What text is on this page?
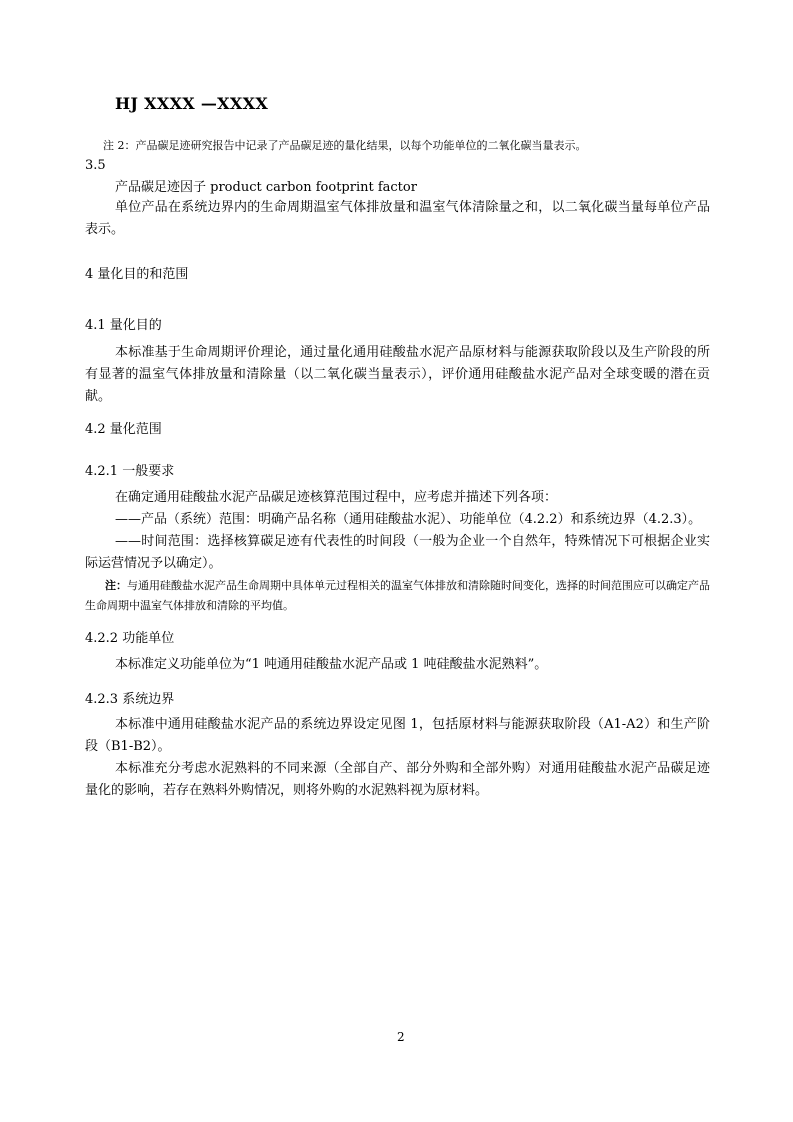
HJ XXXX —XXXX
注 2：产品碳足迹研究报告中记录了产品碳足迹的量化结果，以每个功能单位的二氧化碳当量表示。
3.5
产品碳足迹因子 product carbon footprint factor
单位产品在系统边界内的生命周期温室气体排放量和温室气体清除量之和，以二氧化碳当量每单位产品表示。
4 量化目的和范围
4.1 量化目的
本标准基于生命周期评价理论，通过量化通用硅酸盐水泥产品原材料与能源获取阶段以及生产阶段的所有显著的温室气体排放量和清除量（以二氧化碳当量表示），评价通用硅酸盐水泥产品对全球变暖的潜在贡献。
4.2 量化范围
4.2.1 一般要求
在确定通用硅酸盐水泥产品碳足迹核算范围过程中，应考虑并描述下列各项：
——产品（系统）范围：明确产品名称（通用硅酸盐水泥）、功能单位（4.2.2）和系统边界（4.2.3）。
——时间范围：选择核算碳足迹有代表性的时间段（一般为企业一个自然年，特殊情况下可根据企业实际运营情况予以确定）。
注：与通用硅酸盐水泥产品生命周期中具体单元过程相关的温室气体排放和清除随时间变化，选择的时间范围应可以确定产品生命周期中温室气体排放和清除的平均值。
4.2.2 功能单位
本标准定义功能单位为“1 吨通用硅酸盐水泥产品或 1 吨硅酸盐水泥熟料”。
4.2.3 系统边界
本标准中通用硅酸盐水泥产品的系统边界设定见图 1，包括原材料与能源获取阶段（A1-A2）和生产阶段（B1-B2）。
本标准充分考虑水泥熟料的不同来源（全部自产、部分外购和全部外购）对通用硅酸盐水泥产品碳足迹量化的影响，若存在熟料外购情况，则将外购的水泥熟料视为原材料。
2
